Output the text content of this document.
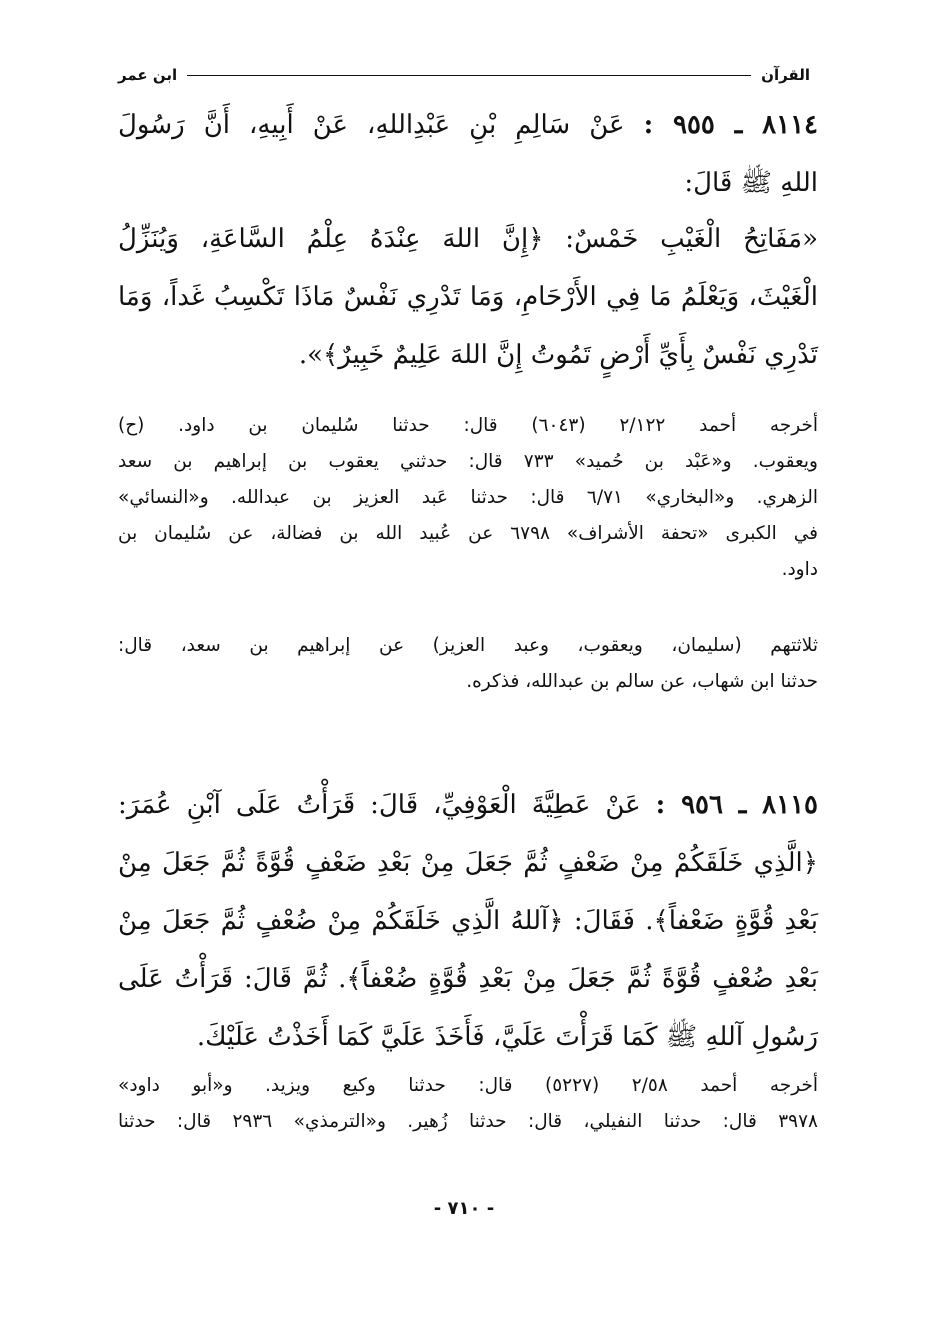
القرآن
ابن عمر
٨١١٤ ـ ٩٥٥ : عَنْ سَالِمِ بْنِ عَبْدِاللهِ، عَنْ أَبِيهِ، أَنَّ رَسُولَ
اللهِ ﷺ قَالَ:
«مَفَاتِحُ الْغَيْبِ خَمْسٌ: ﴿إِنَّ اللهَ عِنْدَهُ عِلْمُ السَّاعَةِ، وَيُنَزِّلُ
الْغَيْثَ، وَيَعْلَمُ مَا فِي الأَرْحَامِ، وَمَا تَدْرِي نَفْسٌ مَاذَا تَكْسِبُ غَداً، وَمَا
تَدْرِي نَفْسٌ بِأَيِّ أَرْضٍ تَمُوتُ إِنَّ اللهَ عَلِيمٌ خَبِيرٌ﴾».
أخرجه أحمد ٢/١٢٢ (٦٠٤٣) قال: حدثنا سُليمان بن داود. (ح)
ويعقوب. و«عَبْد بن حُميد» ٧٣٣ قال: حدثني يعقوب بن إبراهيم بن سعد
الزهري. و«البخاري» ٦/٧١ قال: حدثنا عَبد العزيز بن عبدالله. و«النسائي»
في الكبرى «تحفة الأشراف» ٦٧٩٨ عن عُبيد الله بن فضالة، عن سُليمان بن
داود.
ثلاثتهم (سليمان، ويعقوب، وعبد العزيز) عن إبراهيم بن سعد، قال:
حدثنا ابن شهاب، عن سالم بن عبدالله، فذكره.
٨١١٥ ـ ٩٥٦ : عَنْ عَطِيَّةَ الْعَوْفِيِّ، قَالَ: قَرَأْتُ عَلَى آبْنِ عُمَرَ:
﴿الَّذِي خَلَقَكُمْ مِنْ ضَعْفٍ ثُمَّ جَعَلَ مِنْ بَعْدِ ضَعْفٍ قُوَّةً ثُمَّ جَعَلَ مِنْ
بَعْدِ قُوَّةٍ ضَعْفاً﴾. فَقَالَ: ﴿آللهُ الَّذِي خَلَقَكُمْ مِنْ ضُعْفٍ ثُمَّ جَعَلَ مِنْ
بَعْدِ ضُعْفٍ قُوَّةً ثُمَّ جَعَلَ مِنْ بَعْدِ قُوَّةٍ ضُعْفاً﴾. ثُمَّ قَالَ: قَرَأْتُ عَلَى
رَسُولِ آللهِ ﷺ كَمَا قَرَأْتَ عَلَيَّ، فَأَخَذَ عَلَيَّ كَمَا أَخَذْتُ عَلَيْكَ.
أخرجه أحمد ٢/٥٨ (٥٢٢٧) قال: حدثنا وكيع ويزيد. و«أبو داود»
٣٩٧٨ قال: حدثنا النفيلي، قال: حدثنا زُهير. و«الترمذي» ٢٩٣٦ قال: حدثنا
- ٧١٠ -
